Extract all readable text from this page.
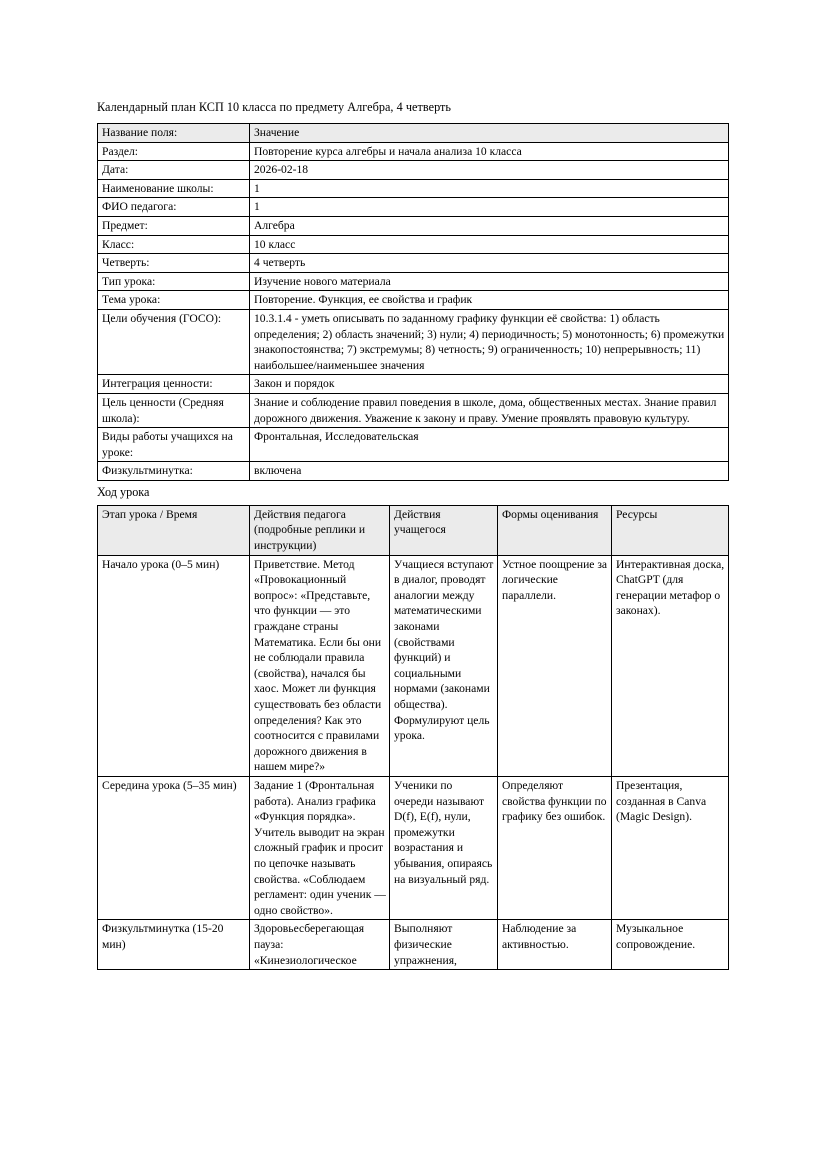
Календарный план КСП 10 класса по предмету Алгебра, 4 четверть

Название поля:	Значение
Раздел:	Повторение курса алгебры и начала анализа 10 класса
Дата:	2026-02-18
Наименование школы:	1
ФИО педагога:	1
Предмет:	Алгебра
Класс:	10 класс
Четверть:	4 четверть
Тип урока:	Изучение нового материала
Тема урока:	Повторение. Функция, ее свойства и график
Цели обучения (ГОСО):	10.3.1.4 - уметь описывать по заданному графику функции её свойства: 1) область определения; 2) область значений; 3) нули; 4) периодичность; 5) монотонность; 6) промежутки знакопостоянства; 7) экстремумы; 8) четность; 9) ограниченность; 10) непрерывность; 11) наибольшее/наименьшее значения
Интеграция ценности:	Закон и порядок
Цель ценности (Средняя школа):	Знание и соблюдение правил поведения в школе, дома, общественных местах. Знание правил дорожного движения. Уважение к закону и праву. Умение проявлять правовую культуру.
Виды работы учащихся на уроке:	Фронтальная, Исследовательская
Физкультминутка:	включена

Ход урока

Этап урока / Время	Действия педагога (подробные реплики и инструкции)	Действия учащегося	Формы оценивания	Ресурсы
Начало урока (0–5 мин)	Приветствие. Метод «Провокационный вопрос»: «Представьте, что функции — это граждане страны Математика. Если бы они не соблюдали правила (свойства), начался бы хаос. Может ли функция существовать без области определения? Как это соотносится с правилами дорожного движения в нашем мире?»	Учащиеся вступают в диалог, проводят аналогии между математическими законами (свойствами функций) и социальными нормами (законами общества). Формулируют цель урока.	Устное поощрение за логические параллели.	Интерактивная доска, ChatGPT (для генерации метафор о законах).
Середина урока (5–35 мин)	Задание 1 (Фронтальная работа). Анализ графика «Функция порядка». Учитель выводит на экран сложный график и просит по цепочке называть свойства. «Соблюдаем регламент: один ученик — одно свойство».	Ученики по очереди называют D(f), E(f), нули, промежутки возрастания и убывания, опираясь на визуальный ряд.	Определяют свойства функции по графику без ошибок.	Презентация, созданная в Canva (Magic Design).
Физкультминутка (15-20 мин)	Здоровьесберегающая пауза: «Кинезиологическое	Выполняют физические упражнения,	Наблюдение за активностью.	Музыкальное сопровождение.
